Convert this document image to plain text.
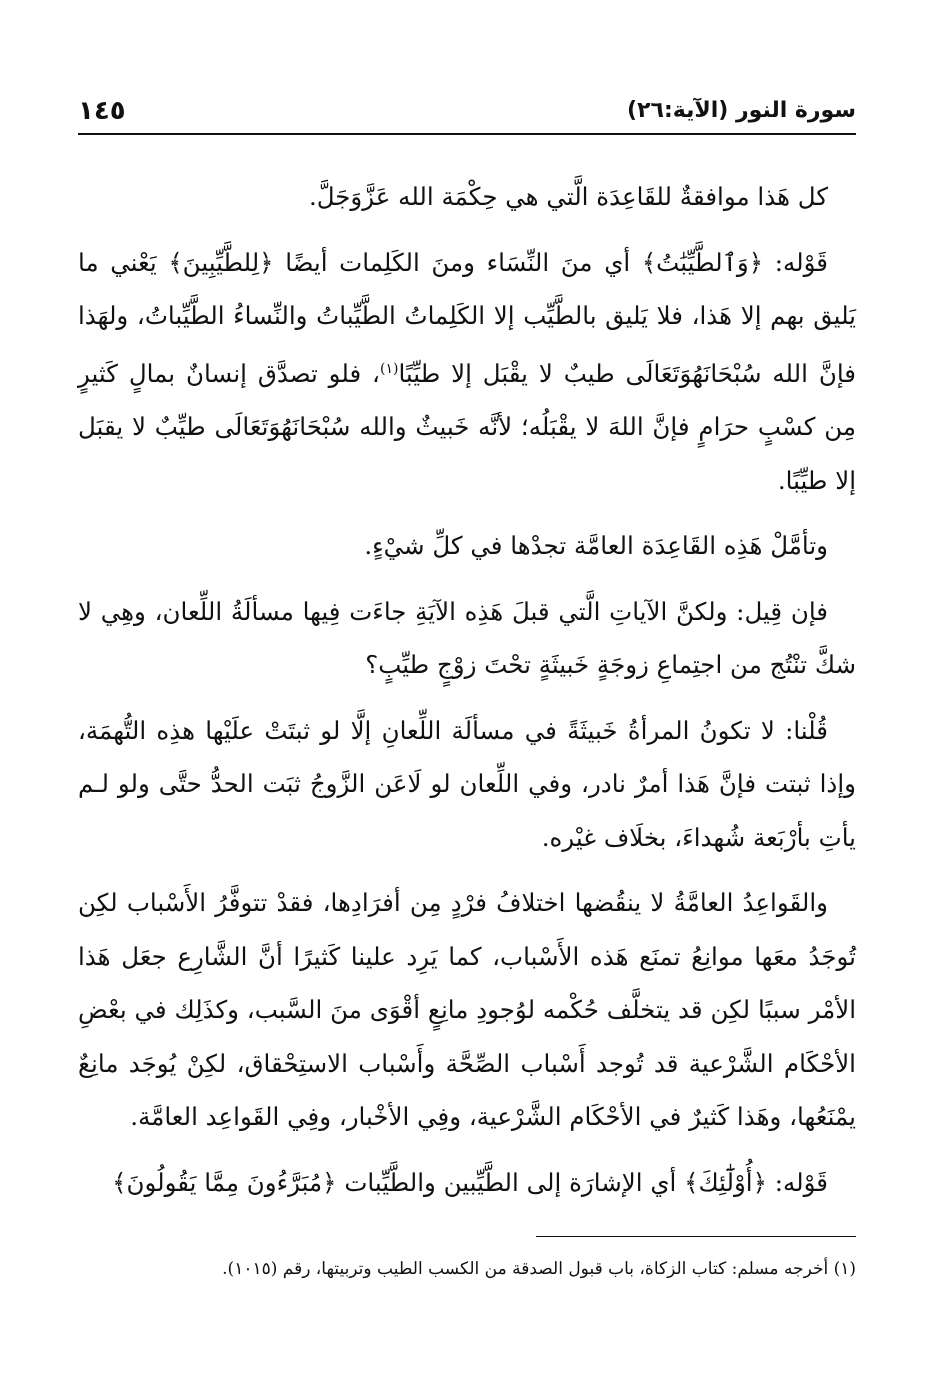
سورة النور (الآية:٢٦)
١٤٥

كل هَذا موافقةٌ للقَاعِدَة الَّتي هي حِكْمَة الله عَزَّوَجَلَّ.

قَوْله: ﴿وَٱلطَّيِّبَٰتُ﴾ أي منَ النِّسَاء ومنَ الكَلِمات أيضًا ﴿لِلطَّيِّبِينَ﴾ يَعْني ما يَليق بهم إلا هَذا، فلا يَليق بالطَّيِّب إلا الكَلِماتُ الطَّيِّباتُ والنِّساءُ الطَّيِّباتُ، ولهَذا فإنَّ الله سُبْحَانَهُوَتَعَالَى طيبٌ لا يقْبَل إلا طيِّبًا$^{(١)}$، فلو تصدَّق إنسانٌ بمالٍ كَثيرٍ مِن كسْبٍ حرَامٍ فإنَّ اللهَ لا يقْبَلُه؛ لأنَّه خَبيثٌ والله سُبْحَانَهُوَتَعَالَى طيِّبٌ لا يقبَل إلا طيِّبًا.

وتأمَّلْ هَذِه القَاعِدَة العامَّة تجدْها في كلِّ شيْءٍ.

فإن قِيل: ولكنَّ الآياتِ الَّتي قبلَ هَذِه الآيَةِ جاءَت فِيها مسألَةُ اللِّعان، وهِي لا شكَّ تنْتُج من اجتِماعِ زوجَةٍ خَبيثَةٍ تحْتَ زوْجٍ طيِّبٍ؟

قُلْنا: لا تكونُ المرأةُ خَبيثَةً في مسألَة اللِّعانِ إلَّا لو ثبتَتْ علَيْها هذِه التُّهمَة، وإذا ثبتت فإنَّ هَذا أمرٌ نادر، وفي اللِّعان لو لَاعَن الزَّوجُ ثبَت الحدُّ حتَّى ولو لـم يأتِ بأرْبَعة شُهداءَ، بخلَاف غيْره.

والقَواعِدُ العامَّةُ لا ينقُضها اختلافُ فرْدٍ مِن أفرَادِها، فقدْ تتوفَّرُ الأَسْباب لكِن تُوجَدُ معَها موانِعُ تمنَع هَذه الأَسْباب، كما يَرِد علينا كَثيرًا أنَّ الشَّارِع جعَل هَذا الأمْر سببًا لكِن قد يتخلَّف حُكْمه لوُجودِ مانِعٍ أقْوَى منَ السَّبب، وكذَلِك في بعْضِ الأحْكَام الشَّرْعية قد تُوجد أَسْباب الصِّحَّة وأَسْباب الاستِحْقاق، لكِنْ يُوجَد مانِعٌ يمْنَعُها، وهَذا كَثيرٌ في الأحْكَام الشَّرْعية، وفِي الأخْبار، وفِي القَواعِد العامَّة.

قَوْله: ﴿أُوْلَٰٓئِكَ﴾ أي الإشارَة إلى الطَّيِّبين والطَّيِّبات ﴿مُبَرَّءُونَ مِمَّا يَقُولُونَ﴾

(١) أخرجه مسلم: كتاب الزكاة، باب قبول الصدقة من الكسب الطيب وتربيتها، رقم (١٠١٥).
